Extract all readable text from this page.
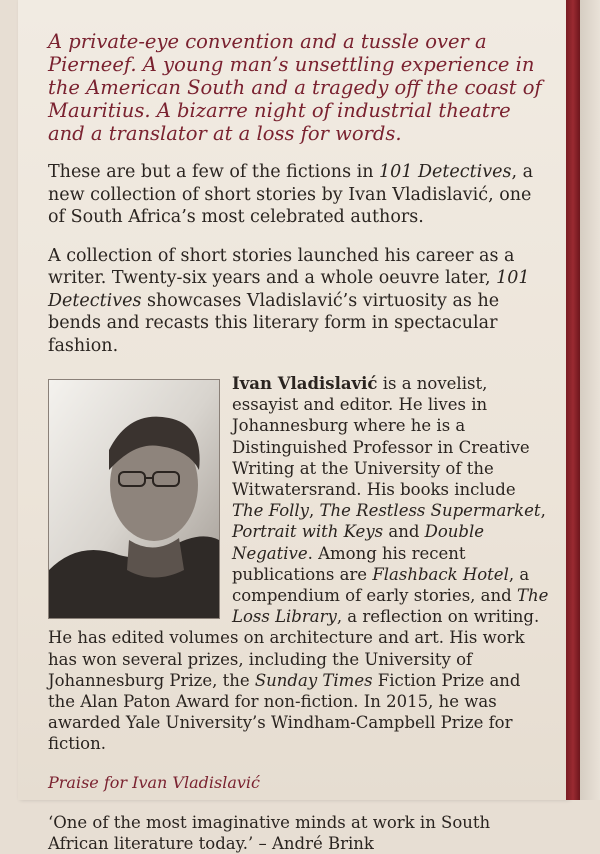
A private-eye convention and a tussle over a Pierneef. A young man’s unsettling experience in the American South and a tragedy off the coast of Mauritius. A bizarre night of industrial theatre and a translator at a loss for words.

These are but a few of the fictions in 101 Detectives, a new collection of short stories by Ivan Vladislavić, one of South Africa’s most celebrated authors.

A collection of short stories launched his career as a writer. Twenty-six years and a whole oeuvre later, 101 Detectives showcases Vladislavić’s virtuosity as he bends and recasts this literary form in spectacular fashion.

Ivan Vladislavić is a novelist, essayist and editor. He lives in Johannesburg where he is a Distinguished Professor in Creative Writing at the University of the Witwatersrand. His books include The Folly, The Restless Supermarket, Portrait with Keys and Double Negative. Among his recent publications are Flashback Hotel, a compendium of early stories, and The Loss Library, a reflection on writing. He has edited volumes on architecture and art. His work has won several prizes, including the University of Johannesburg Prize, the Sunday Times Fiction Prize and the Alan Paton Award for non-fiction. In 2015, he was awarded Yale University’s Windham-Campbell Prize for fiction.

Praise for Ivan Vladislavić

‘One of the most imaginative minds at work in South African literature today.’ – André Brink
